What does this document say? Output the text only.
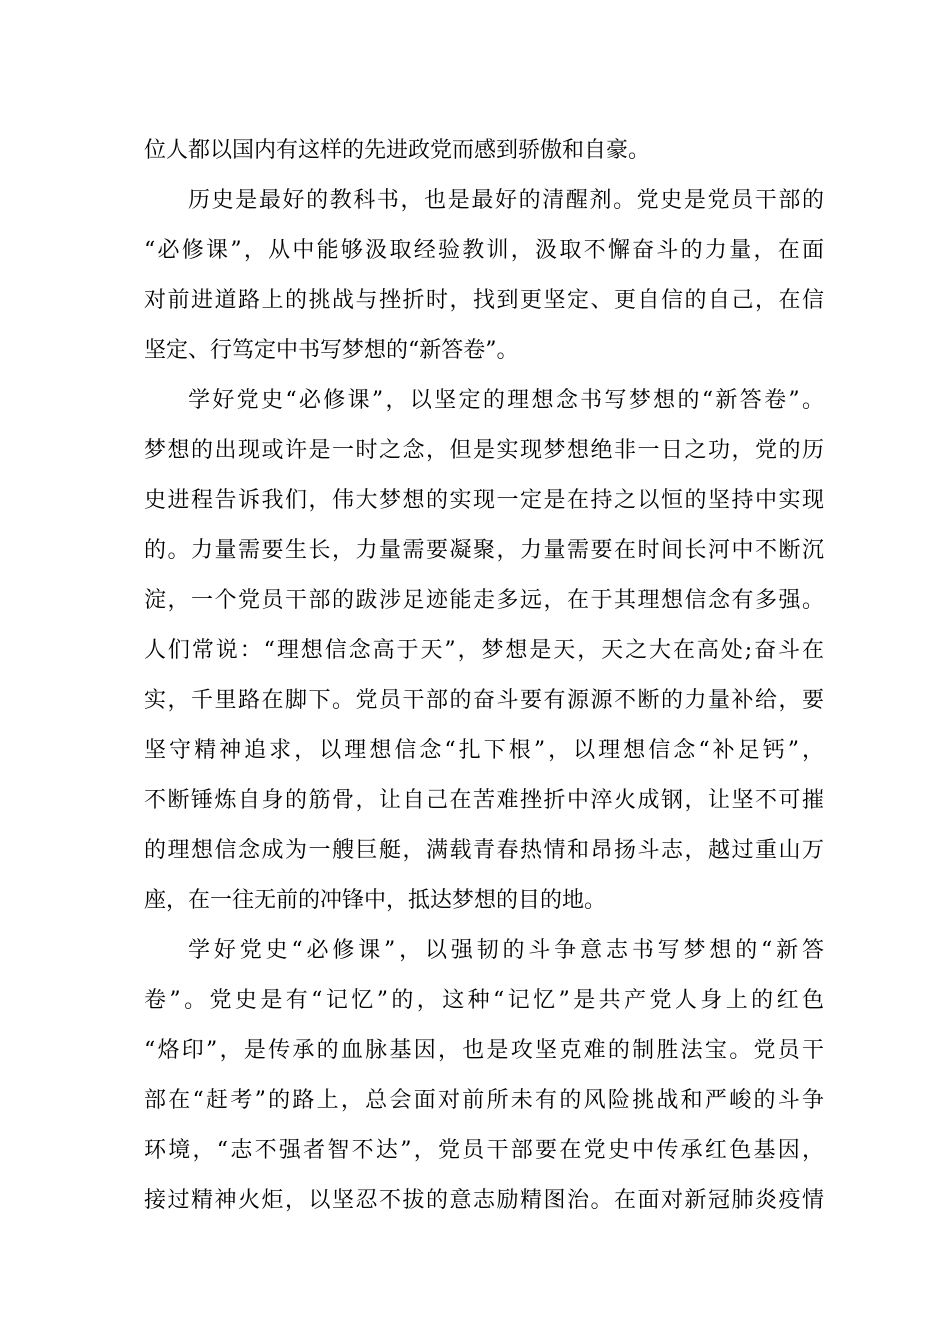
位人都以国内有这样的先进政党而感到骄傲和自豪。
历史是最好的教科书，也是最好的清醒剂。党史是党员干部的
“必修课”，从中能够汲取经验教训，汲取不懈奋斗的力量，在面
对前进道路上的挑战与挫折时，找到更坚定、更自信的自己，在信
坚定、行笃定中书写梦想的“新答卷”。
学好党史“必修课”，以坚定的理想念书写梦想的“新答卷”。
梦想的出现或许是一时之念，但是实现梦想绝非一日之功，党的历
史进程告诉我们，伟大梦想的实现一定是在持之以恒的坚持中实现
的。力量需要生长，力量需要凝聚，力量需要在时间长河中不断沉
淀，一个党员干部的跋涉足迹能走多远，在于其理想信念有多强。
人们常说：“理想信念高于天”，梦想是天，天之大在高处;奋斗在
实，千里路在脚下。党员干部的奋斗要有源源不断的力量补给，要
坚守精神追求，以理想信念“扎下根”，以理想信念“补足钙”，
不断锤炼自身的筋骨，让自己在苦难挫折中淬火成钢，让坚不可摧
的理想信念成为一艘巨艇，满载青春热情和昂扬斗志，越过重山万
座，在一往无前的冲锋中，抵达梦想的目的地。
学好党史“必修课”，以强韧的斗争意志书写梦想的“新答
卷”。党史是有“记忆”的，这种“记忆”是共产党人身上的红色
“烙印”，是传承的血脉基因，也是攻坚克难的制胜法宝。党员干
部在“赶考”的路上，总会面对前所未有的风险挑战和严峻的斗争
环境，“志不强者智不达”，党员干部要在党史中传承红色基因，
接过精神火炬，以坚忍不拔的意志励精图治。在面对新冠肺炎疫情
